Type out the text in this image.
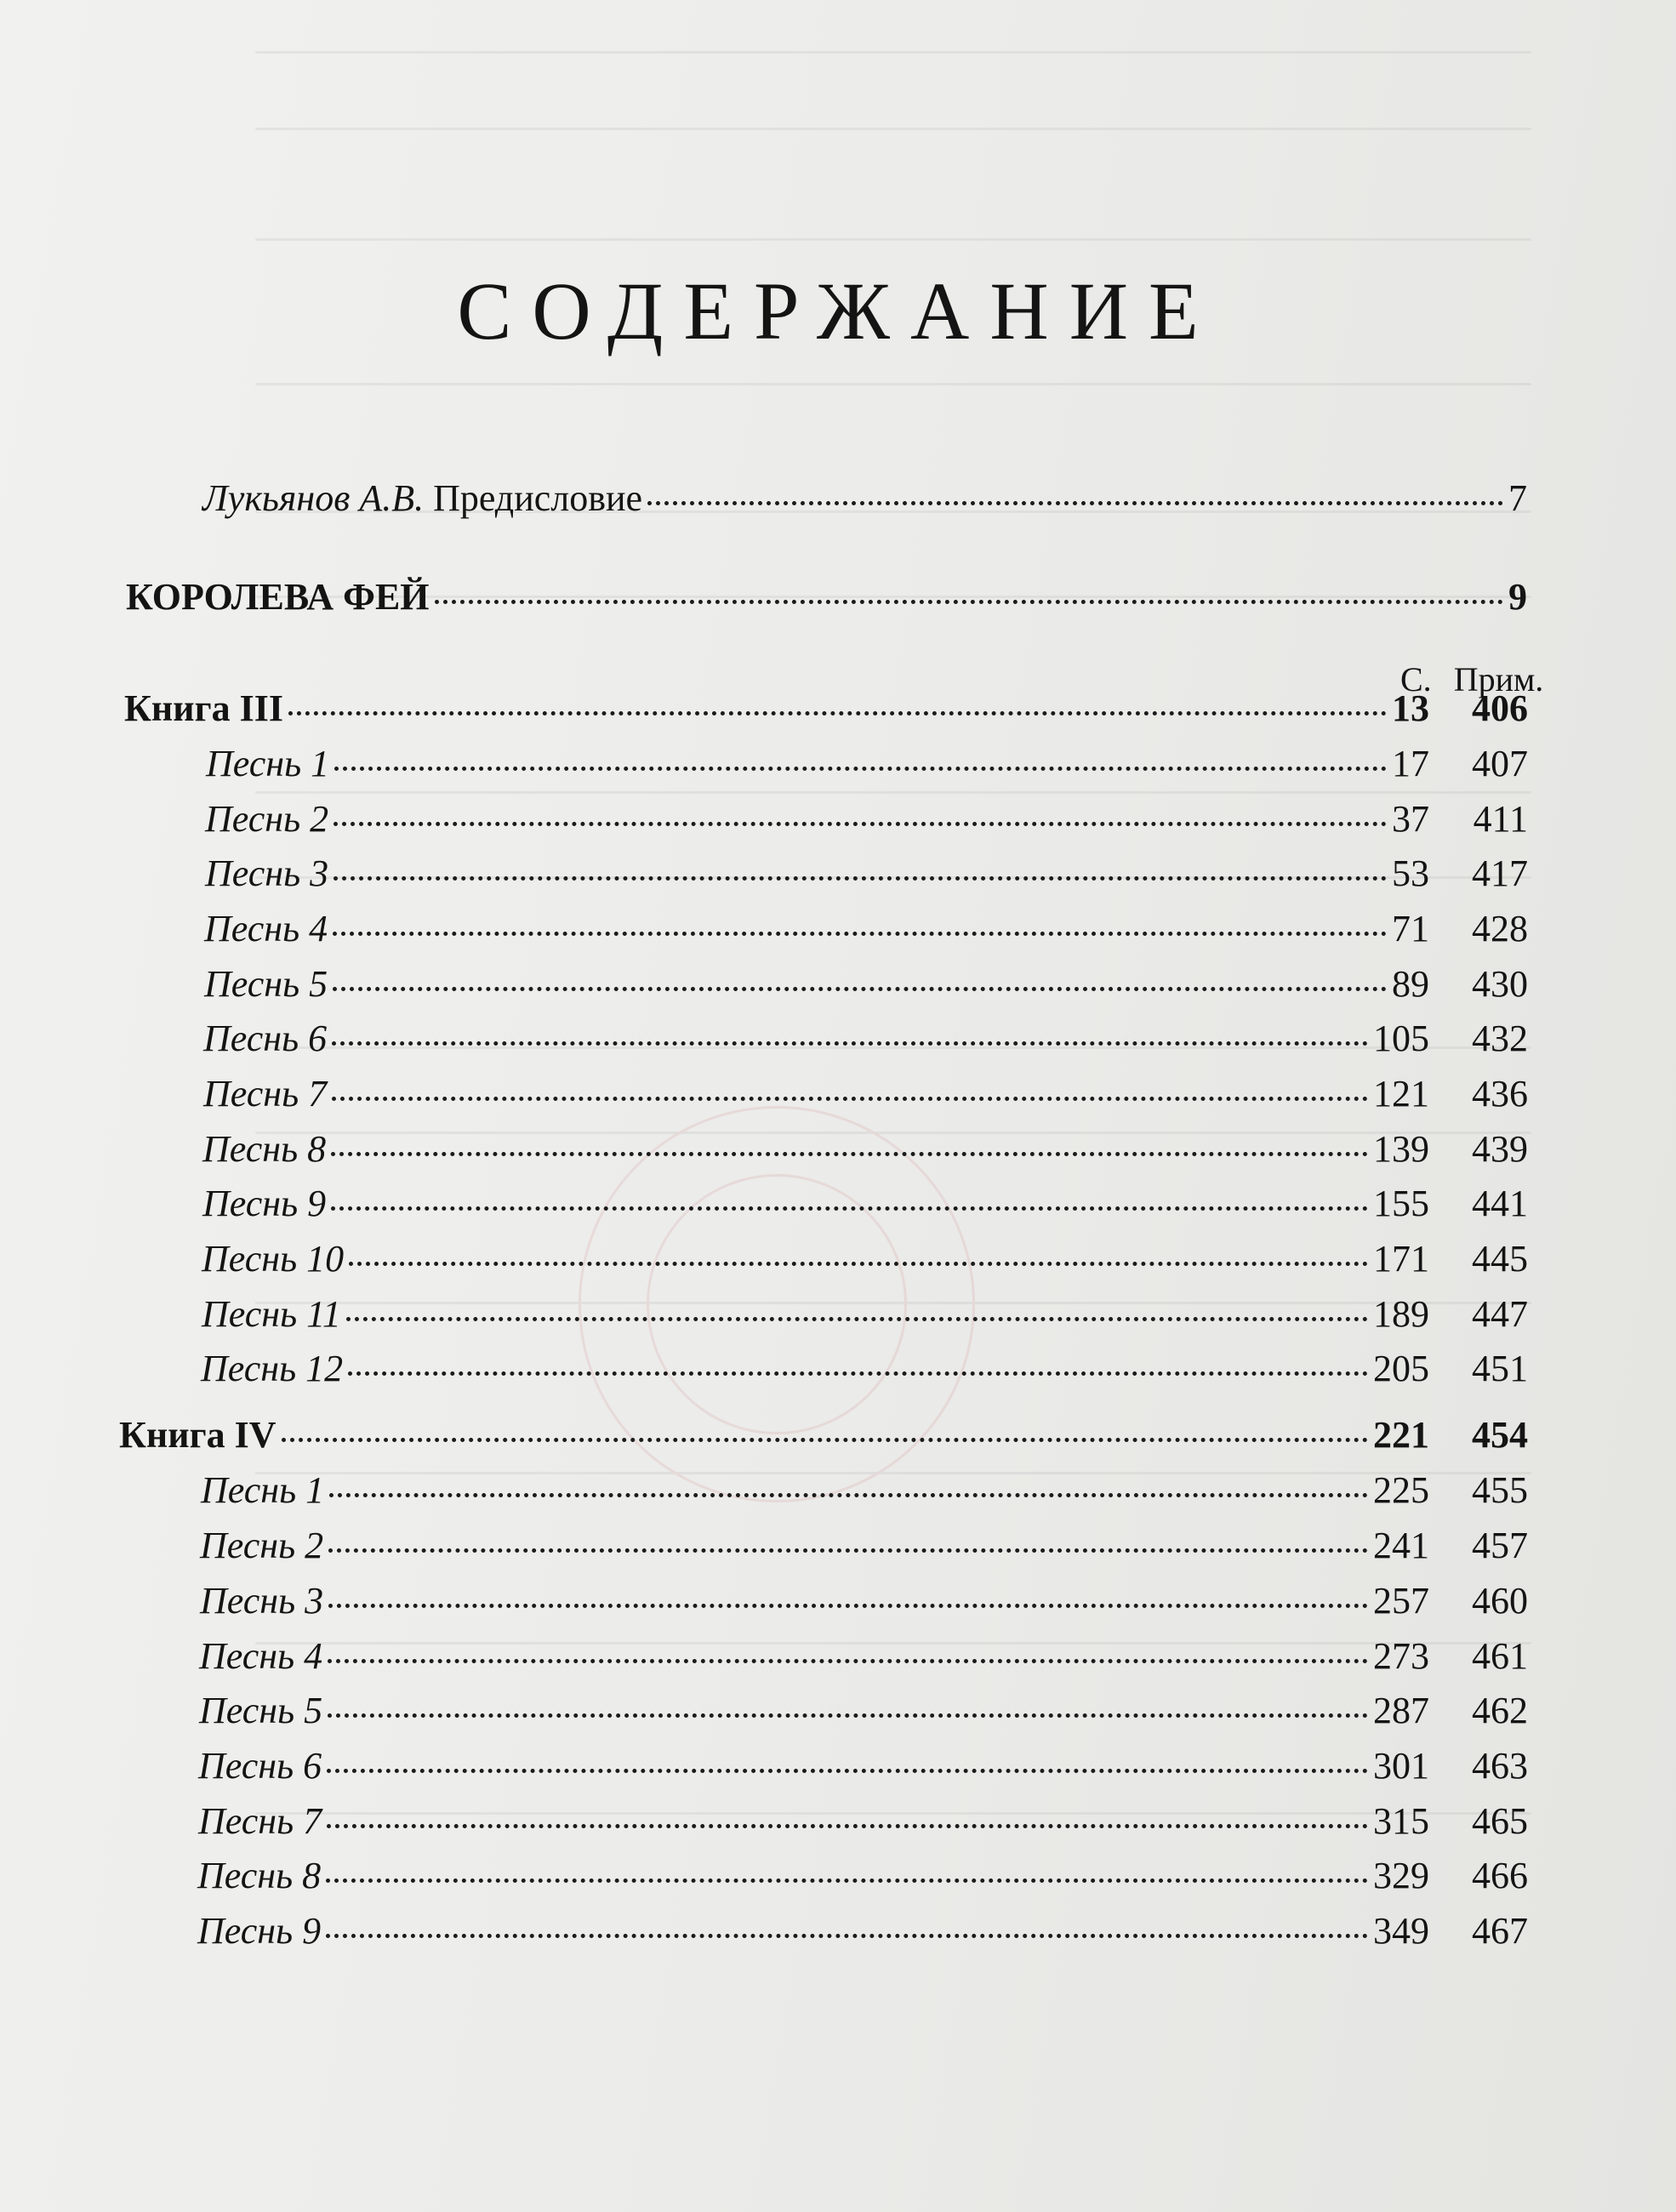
СОДЕРЖАНИЕ
С. Прим.
Лукьянов А.В. Предисловие	7
КОРОЛЕВА ФЕЙ	9
Книга III	13	406
Песнь 1	17	407
Песнь 2	37	411
Песнь 3	53	417
Песнь 4	71	428
Песнь 5	89	430
Песнь 6	105	432
Песнь 7	121	436
Песнь 8	139	439
Песнь 9	155	441
Песнь 10	171	445
Песнь 11	189	447
Песнь 12	205	451
Книга IV	221	454
Песнь 1	225	455
Песнь 2	241	457
Песнь 3	257	460
Песнь 4	273	461
Песнь 5	287	462
Песнь 6	301	463
Песнь 7	315	465
Песнь 8	329	466
Песнь 9	349	467
